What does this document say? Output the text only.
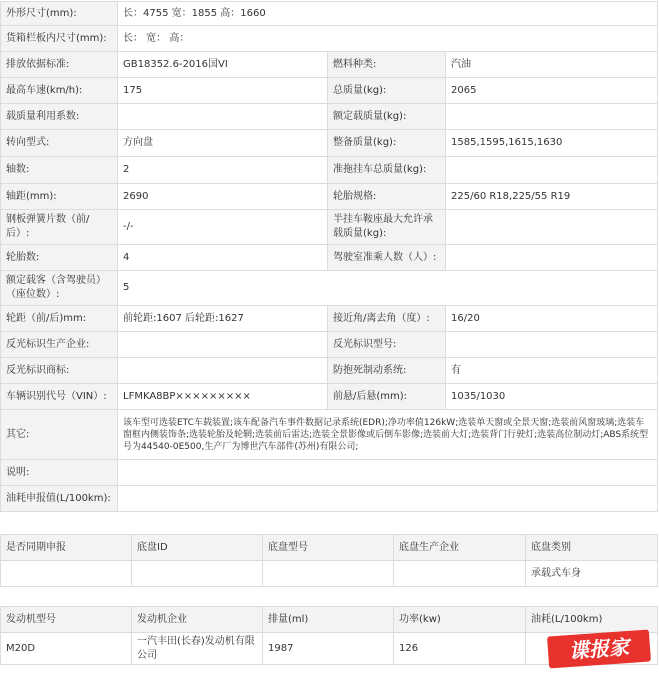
外形尺寸(mm):	长：4755 宽：1855 高：1660		
货箱栏板内尺寸(mm):	长： 宽： 高：		
排放依据标准:	GB18352.6-2016国VI	燃料种类:	汽油
最高车速(km/h):	175	总质量(kg):	2065
载质量利用系数:		额定载质量(kg):	
转向型式:	方向盘	整备质量(kg):	1585,1595,1615,1630
轴数:	2	准拖挂车总质量(kg):	
轴距(mm):	2690	轮胎规格:	225/60 R18,225/55 R19
钢板弹簧片数（前/后）:	-/-	半挂车鞍座最大允许承载质量(kg):	
轮胎数:	4	驾驶室准乘人数（人）:	
额定载客（含驾驶员）（座位数）:	5		
轮距（前/后)mm:	前轮距:1607 后轮距:1627	接近角/离去角（度）:	16/20
反光标识生产企业:		反光标识型号:	
反光标识商标:		防抱死制动系统:	有
车辆识别代号（VIN）:	LFMKA8BP×××××××××	前悬/后悬(mm):	1035/1030
其它:	该车型可选装ETC车载装置;该车配备汽车事件数据记录系统(EDR);净功率值126kW;选装单天窗或全景天窗;选装前风窗玻璃;选装车窗框内侧装饰条;选装轮胎及轮辋;选装前后雷达;选装全景影像或后倒车影像;选装前大灯;选装背门行驶灯;选装高位制动灯;ABS系统型号为44540-0E500,生产厂为博世汽车部件(苏州)有限公司;		
说明:			
油耗申报值(L/100km):			
是否同期申报	底盘ID	底盘型号	底盘生产企业	底盘类别
				承载式车身
发动机型号	发动机企业	排量(ml)	功率(kw)	油耗(L/100km)
M20D	一汽丰田(长春)发动机有限公司	1987	126		谍报家
